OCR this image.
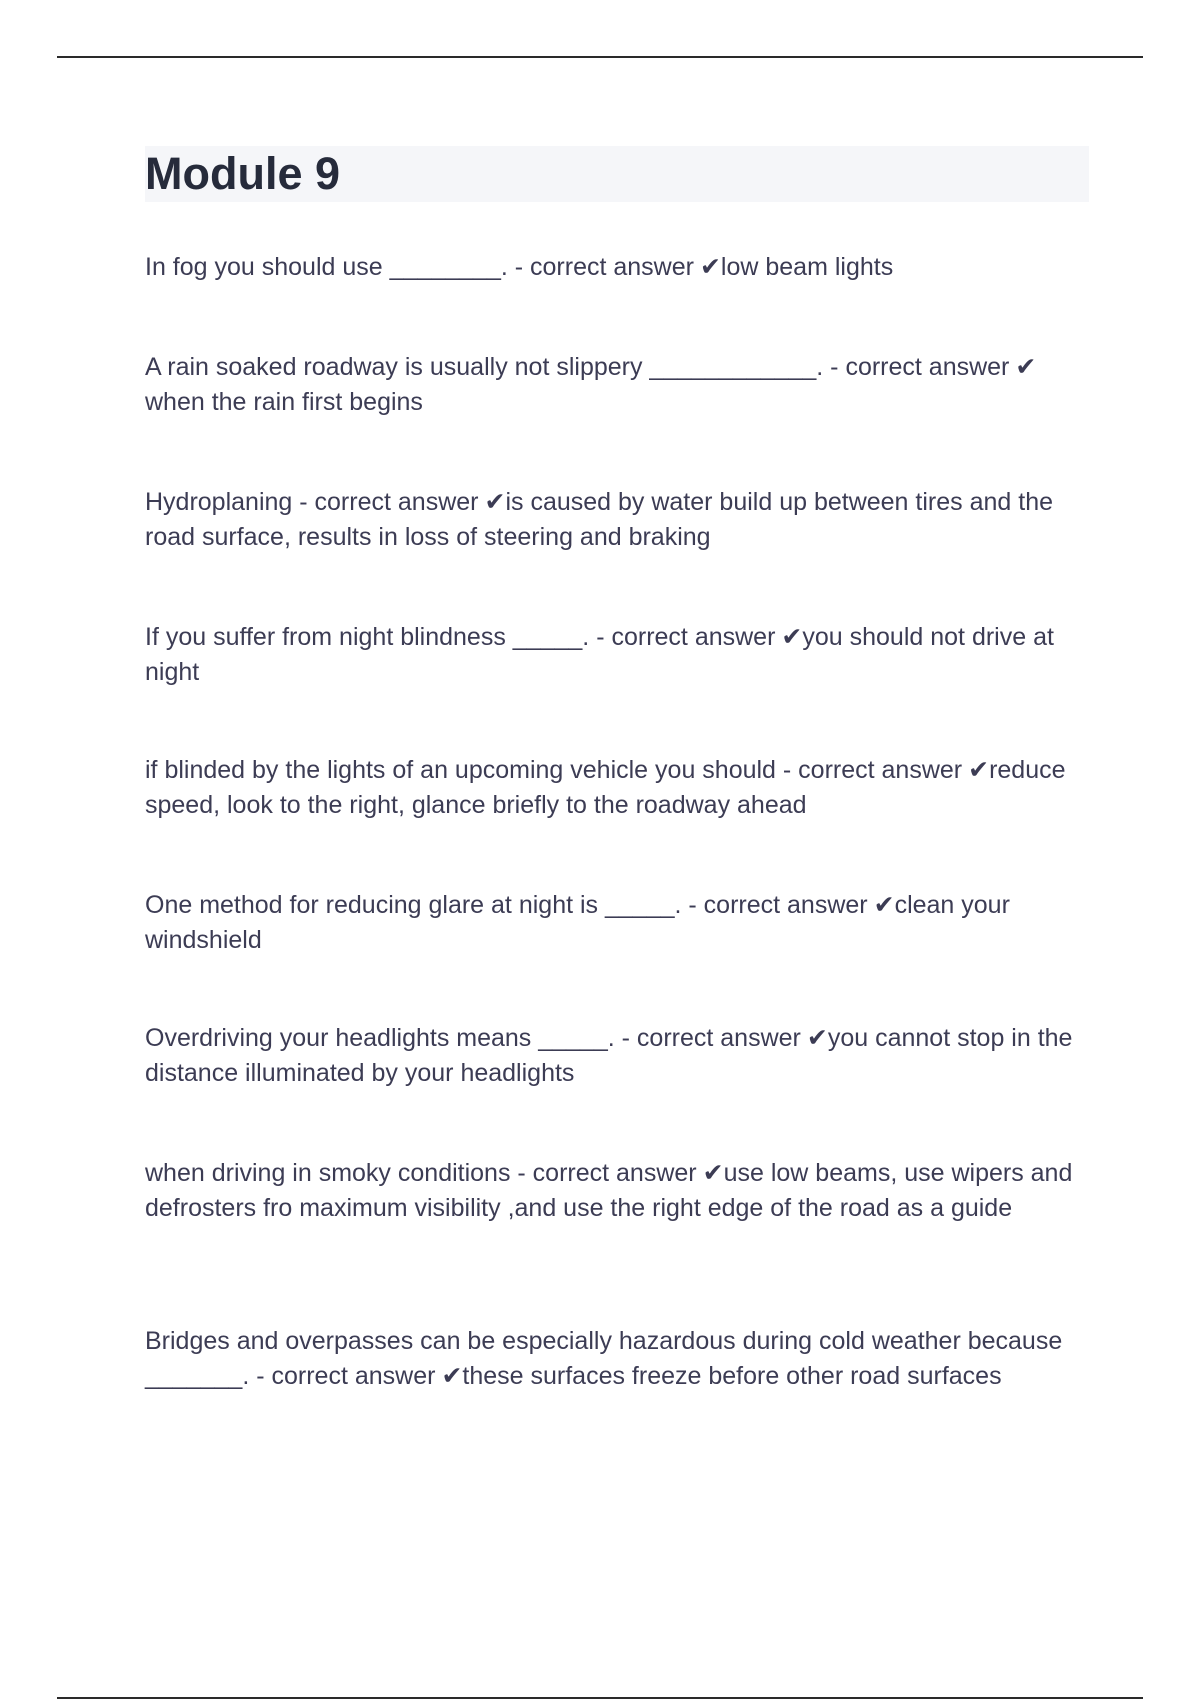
Module 9

In fog you should use ________. - correct answer ✔low beam lights

A rain soaked roadway is usually not slippery ____________. - correct answer ✔when the rain first begins

Hydroplaning - correct answer ✔is caused by water build up between tires and the road surface, results in loss of steering and braking

If you suffer from night blindness _____. - correct answer ✔you should not drive at night

if blinded by the lights of an upcoming vehicle you should - correct answer ✔reduce speed, look to the right, glance briefly to the roadway ahead

One method for reducing glare at night is _____. - correct answer ✔clean your windshield

Overdriving your headlights means _____. - correct answer ✔you cannot stop in the distance illuminated by your headlights

when driving in smoky conditions - correct answer ✔use low beams, use wipers and defrosters fro maximum visibility ,and use the right edge of the road as a guide

Bridges and overpasses can be especially hazardous during cold weather because _______. - correct answer ✔these surfaces freeze before other road surfaces
